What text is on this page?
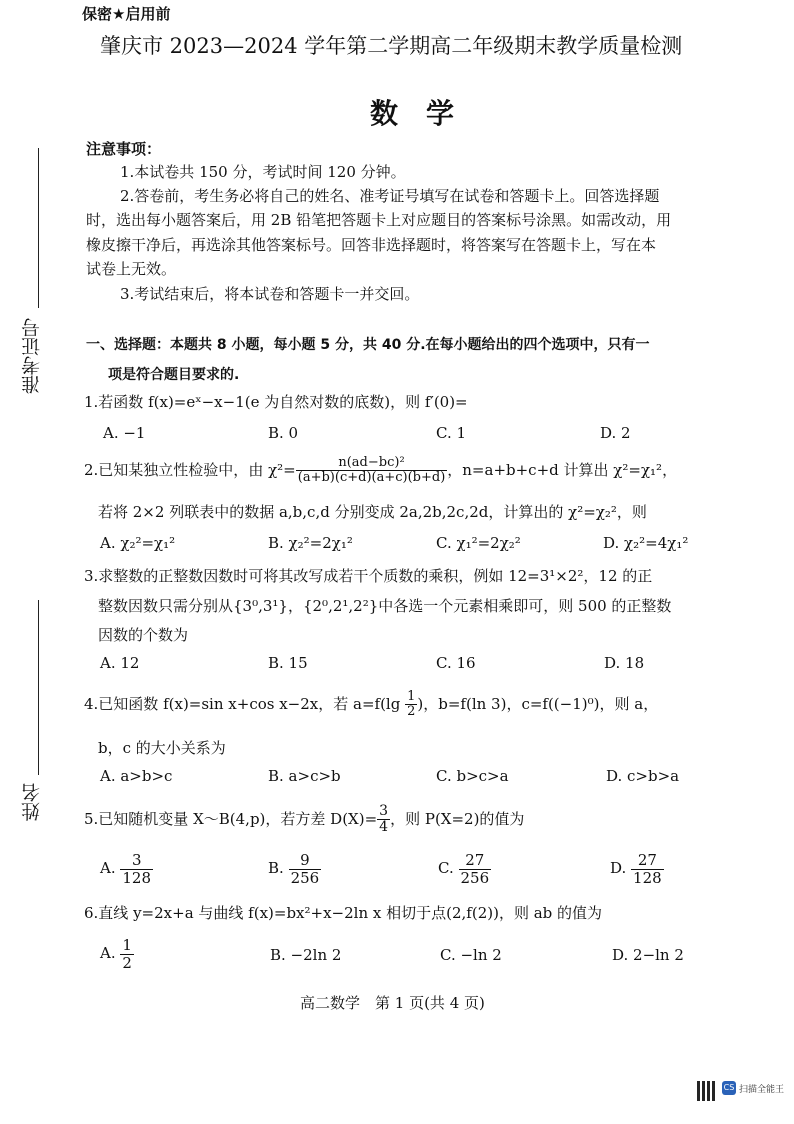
保密★启用前
肇庆市 2023—2024 学年第二学期高二年级期末教学质量检测
数　学
准考证号
姓名
注意事项：
1.本试卷共 150 分，考试时间 120 分钟。
2.答卷前，考生务必将自己的姓名、准考证号填写在试卷和答题卡上。回答选择题
时，选出每小题答案后，用 2B 铅笔把答题卡上对应题目的答案标号涂黑。如需改动，用
橡皮擦干净后，再选涂其他答案标号。回答非选择题时，将答案写在答题卡上，写在本
试卷上无效。
3.考试结束后，将本试卷和答题卡一并交回。
一、选择题：本题共 8 小题，每小题 5 分，共 40 分.在每小题给出的四个选项中，只有一
项是符合题目要求的.
1.若函数 f(x)=eˣ−x−1(e 为自然对数的底数)，则 f′(0)=
A. −1	B. 0	C. 1	D. 2
2.已知某独立性检验中，由 $\chi^2= \frac{\text{n(ad−bc)²}}{(a+b)(c+d)(a+c)(b+d)}$ ，n=a+b+c+d 计算出 χ²=χ₁²，
若将 2×2 列联表中的数据 a,b,c,d 分别变成 2a,2b,2c,2d，计算出的 χ²=χ₂²，则
A. χ₂²=χ₁²	B. χ₂²=2χ₁²	C. χ₁²=2χ₂²	D. χ₂²=4χ₁²
3.求整数的正整数因数时可将其改写成若干个质数的乘积，例如 12=3¹×2²，12 的正
整数因数只需分别从{3⁰,3¹}，{2⁰,2¹,2²}中各选一个元素相乘即可，则 500 的正整数
因数的个数为
A. 12	B. 15	C. 16	D. 18
4.已知函数 f(x)=sin x+cos x−2x，若 $a=f(\lg \frac{1}{2}$ )，b=f(ln 3)，c=f((−1)⁰)，则 a，
b，c 的大小关系为
A. a>b>c	B. a>c>b	C. b>c>a	D. c>b>a
5.已知随机变量 X～B(4,p)，若方差 $D(X)= \frac{3}{4}$ ，则 P(X=2)的值为
A. $\frac{3}{128}$	B. $\frac{9}{256}$	C. $\frac{27}{256}$	D. $\frac{27}{128}$
6.直线 y=2x+a 与曲线 f(x)=bx²+x−2ln x 相切于点(2,f(2))，则 ab 的值为
A. $\frac{1}{2}$	B. −2ln 2	C. −ln 2	D. 2−ln 2
高二数学　第 1 页(共 4 页)
CS 扫描全能王
